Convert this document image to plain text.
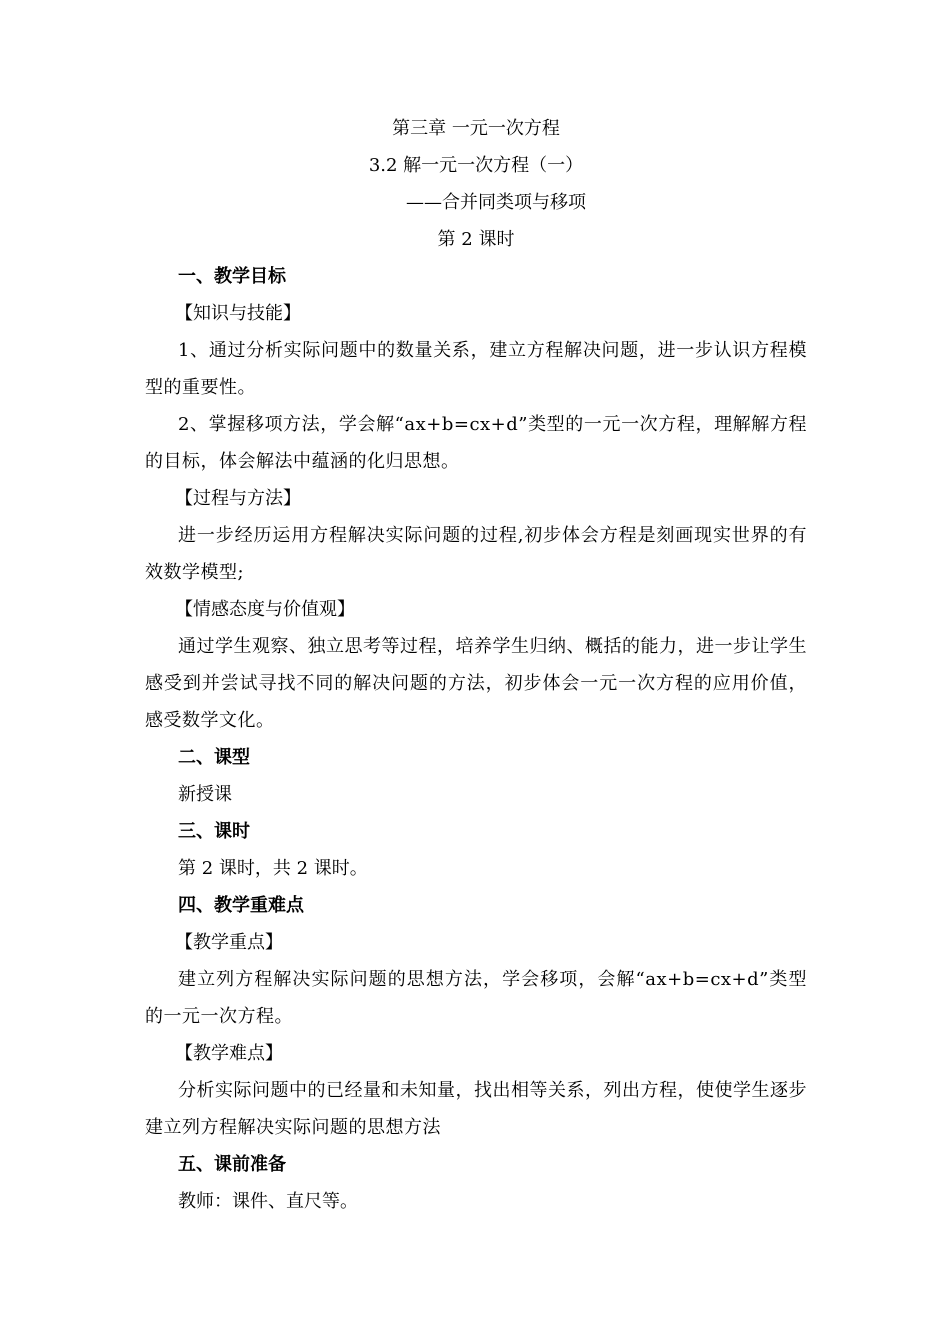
第三章 一元一次方程
3.2 解一元一次方程（一）
——合并同类项与移项
第 2 课时
一、教学目标
【知识与技能】
1、通过分析实际问题中的数量关系，建立方程解决问题，进一步认识方程模型的重要性。
2、掌握移项方法，学会解“ax+b=cx+d”类型的一元一次方程，理解解方程的目标，体会解法中蕴涵的化归思想。
【过程与方法】
进一步经历运用方程解决实际问题的过程,初步体会方程是刻画现实世界的有效数学模型;
【情感态度与价值观】
通过学生观察、独立思考等过程，培养学生归纳、概括的能力，进一步让学生感受到并尝试寻找不同的解决问题的方法，初步体会一元一次方程的应用价值，感受数学文化。
二、课型
新授课
三、课时
第 2 课时，共 2 课时。
四、教学重难点
【教学重点】
建立列方程解决实际问题的思想方法，学会移项，会解“ax+b=cx+d”类型的一元一次方程。
【教学难点】
分析实际问题中的已经量和未知量，找出相等关系，列出方程，使使学生逐步建立列方程解决实际问题的思想方法
五、课前准备
教师：课件、直尺等。
